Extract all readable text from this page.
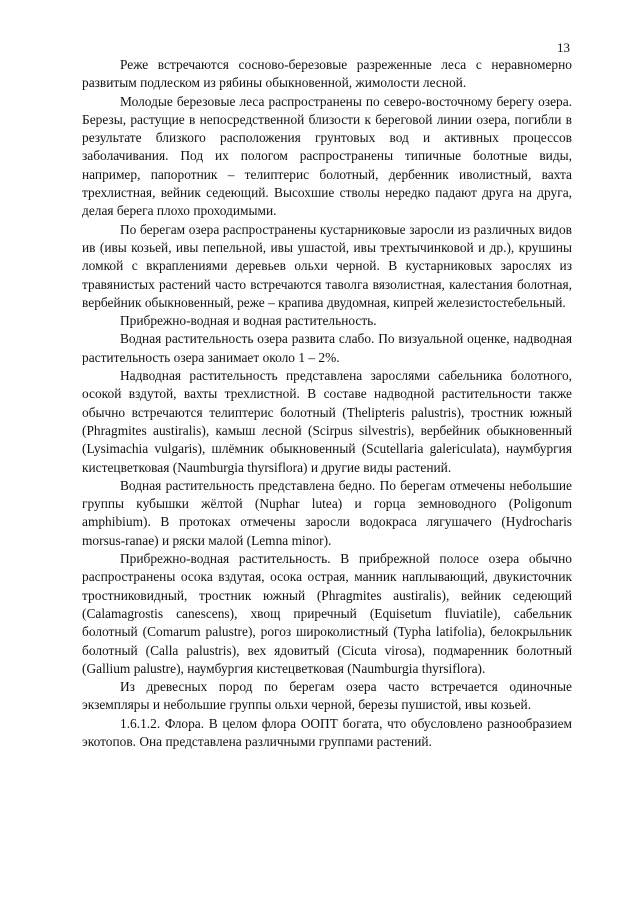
13

Реже встречаются сосново-березовые разреженные леса с неравномерно развитым подлеском из рябины обыкновенной, жимолости лесной.

Молодые березовые леса распространены по северо-восточному берегу озера. Березы, растущие в непосредственной близости к береговой линии озера, погибли в результате близкого расположения грунтовых вод и активных процессов заболачивания. Под их пологом распространены типичные болотные виды, например, папоротник – телиптерис болотный, дербенник иволистный, вахта трехлистная, вейник седеющий. Высохшие стволы нередко падают друга на друга, делая берега плохо проходимыми.

По берегам озера распространены кустарниковые заросли из различных видов ив (ивы козьей, ивы пепельной, ивы ушастой, ивы трехтычинковой и др.), крушины ломкой с вкраплениями деревьев ольхи черной. В кустарниковых зарослях из травянистых растений часто встречаются таволга вязолистная, калестания болотная, вербейник обыкновенный, реже – крапива двудомная, кипрей железистостебельный.

Прибрежно-водная и водная растительность.

Водная растительность озера развита слабо. По визуальной оценке, надводная растительность озера занимает около 1 – 2%.

Надводная растительность представлена зарослями сабельника болотного, осокой вздутой, вахты трехлистной. В составе надводной растительности также обычно встречаются телиптерис болотный (Thelipteris palustris), тростник южный (Phragmites austiralis), камыш лесной (Scirpus silvestris), вербейник обыкновенный (Lysimachia vulgaris), шлёмник обыкновенный (Scutellaria galericulata), наумбургия кистецветковая (Naumburgia thyrsiflora) и другие виды растений.

Водная растительность представлена бедно. По берегам отмечены небольшие группы кубышки жёлтой (Nuphar lutea) и горца земноводного (Poligonum amphibium). В протоках отмечены заросли водокраса лягушачего (Hydrocharis morsus-ranae) и ряски малой (Lemna minor).

Прибрежно-водная растительность. В прибрежной полосе озера обычно распространены осока вздутая, осока острая, манник наплывающий, двукисточник тростниковидный, тростник южный (Phragmites austiralis), вейник седеющий (Calamagrostis canescens), хвощ приречный (Equisetum fluviatile), сабельник болотный (Comarum palustre), рогоз широколистный (Typha latifolia), белокрыльник болотный (Calla palustris), вех ядовитый (Cicuta virosa), подмаренник болотный (Gallium palustre), наумбургия кистецветковая (Naumburgia thyrsiflora).

Из древесных пород по берегам озера часто встречается одиночные экземпляры и небольшие группы ольхи черной, березы пушистой, ивы козьей.

1.6.1.2. Флора. В целом флора ООПТ богата, что обусловлено разнообразием экотопов. Она представлена различными группами растений.
